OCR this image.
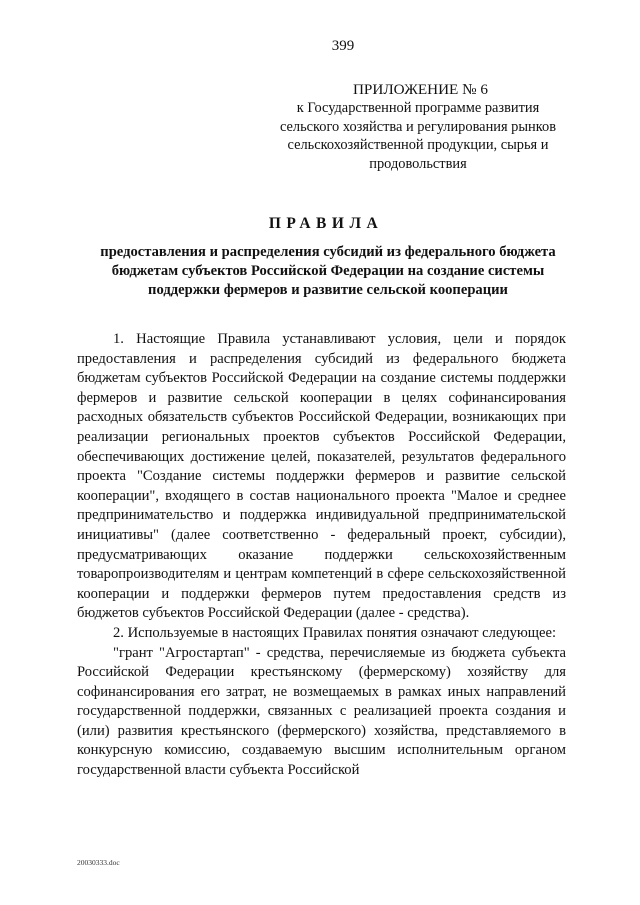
399
ПРИЛОЖЕНИЕ № 6
к Государственной программе развития сельского хозяйства и регулирования рынков сельскохозяйственной продукции, сырья и продовольствия
ПРАВИЛА
предоставления и распределения субсидий из федерального бюджета бюджетам субъектов Российской Федерации на создание системы поддержки фермеров и развитие сельской кооперации

1. Настоящие Правила устанавливают условия, цели и порядок предоставления и распределения субсидий из федерального бюджета бюджетам субъектов Российской Федерации на создание системы поддержки фермеров и развитие сельской кооперации в целях софинансирования расходных обязательств субъектов Российской Федерации, возникающих при реализации региональных проектов субъектов Российской Федерации, обеспечивающих достижение целей, показателей, результатов федерального проекта "Создание системы поддержки фермеров и развитие сельской кооперации", входящего в состав национального проекта "Малое и среднее предпринимательство и поддержка индивидуальной предпринимательской инициативы" (далее соответственно - федеральный проект, субсидии), предусматривающих оказание поддержки сельскохозяйственным товаропроизводителям и центрам компетенций в сфере сельскохозяйственной кооперации и поддержки фермеров путем предоставления средств из бюджетов субъектов Российской Федерации (далее - средства).

2. Используемые в настоящих Правилах понятия означают следующее:

"грант "Агростартап" - средства, перечисляемые из бюджета субъекта Российской Федерации крестьянскому (фермерскому) хозяйству для софинансирования его затрат, не возмещаемых в рамках иных направлений государственной поддержки, связанных с реализацией проекта создания и (или) развития крестьянского (фермерского) хозяйства, представляемого в конкурсную комиссию, создаваемую высшим исполнительным органом государственной власти субъекта Российской

20030333.doc
